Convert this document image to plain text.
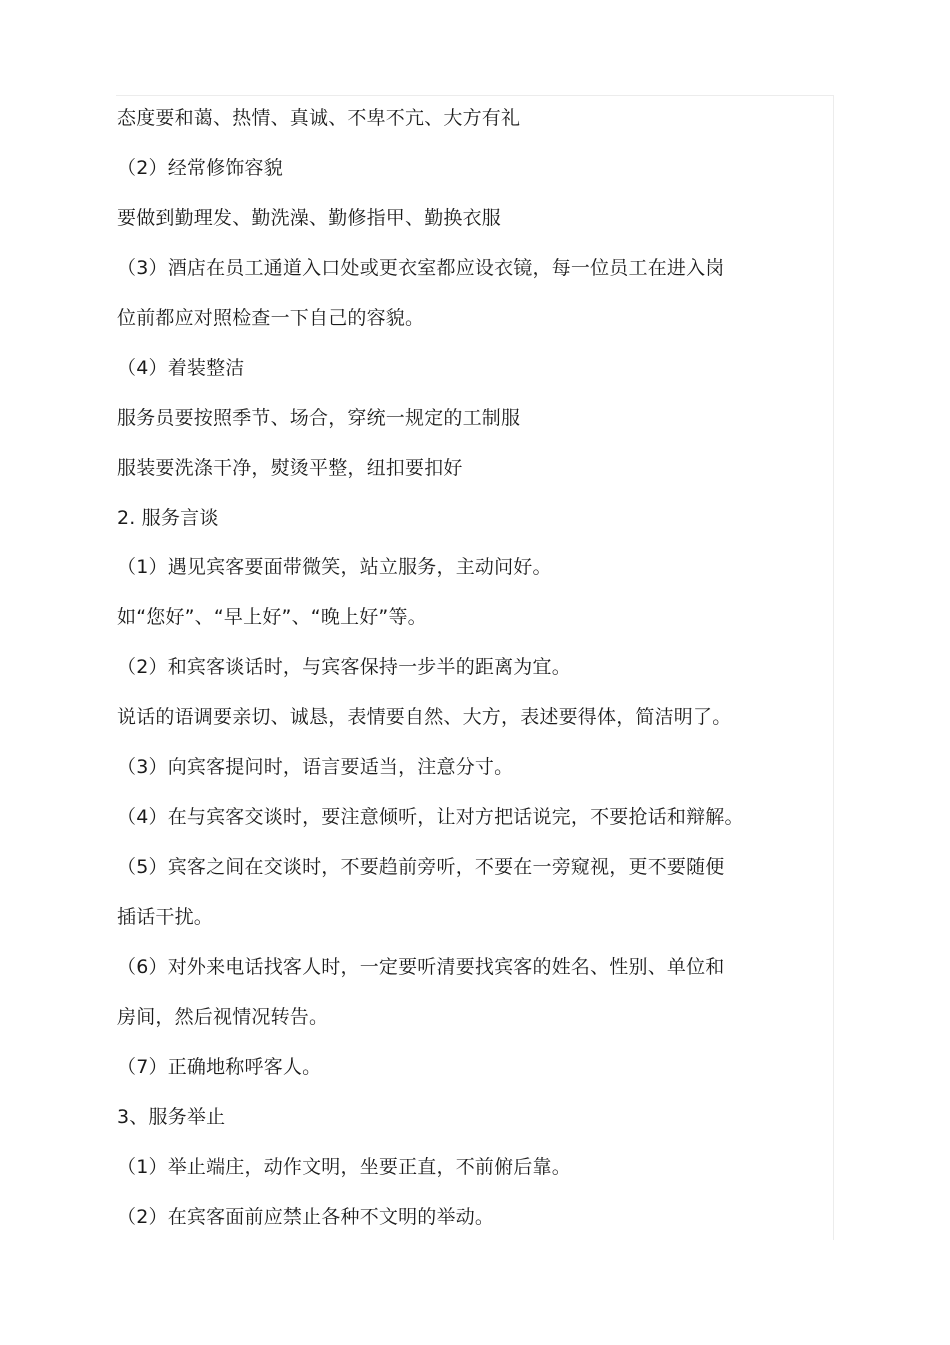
态度要和蔼、热情、真诚、不卑不亢、大方有礼
（2）经常修饰容貌
要做到勤理发、勤洗澡、勤修指甲、勤换衣服
（3）酒店在员工通道入口处或更衣室都应设衣镜，每一位员工在进入岗
位前都应对照检查一下自己的容貌。
（4）着装整洁
服务员要按照季节、场合，穿统一规定的工制服
服装要洗涤干净，熨烫平整，纽扣要扣好
2. 服务言谈
（1）遇见宾客要面带微笑，站立服务，主动问好。
如“您好”、“早上好”、“晚上好”等。
（2）和宾客谈话时，与宾客保持一步半的距离为宜。
说话的语调要亲切、诚恳，表情要自然、大方，表述要得体，简洁明了。
（3）向宾客提问时，语言要适当，注意分寸。
（4）在与宾客交谈时，要注意倾听，让对方把话说完，不要抢话和辩解。
（5）宾客之间在交谈时，不要趋前旁听，不要在一旁窥视，更不要随便
插话干扰。
（6）对外来电话找客人时，一定要听清要找宾客的姓名、性别、单位和
房间，然后视情况转告。
（7）正确地称呼客人。
3、服务举止
（1）举止端庄，动作文明，坐要正直，不前俯后靠。
（2）在宾客面前应禁止各种不文明的举动。
